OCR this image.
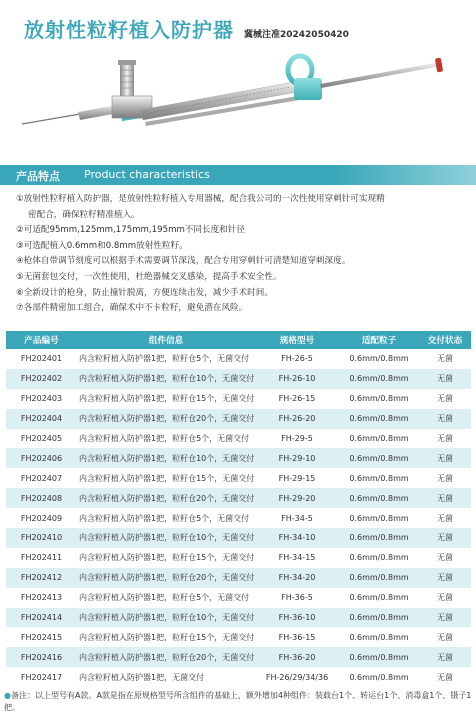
放射性粒籽植入防护器 冀械注准20242050420
产品特点 Product characteristics
①放射性粒籽植入防护器，是放射性粒籽植入专用器械，配合我公司的一次性使用穿刺针可实现精
密配合，确保粒籽精准植入。
②可适配95mm,125mm,175mm,195mm不同长度和针径
③可选配植入0.6mm和0.8mm放射性粒籽。
④枪体自带调节刻度可以根据手术需要调节深浅，配合专用穿刺针可清楚知道穿刺深度。
⑤无菌套包交付，一次性使用，杜绝器械交叉感染，提高手术安全性。
⑥全新设计的枪身，防止撞针脱离，方便连续击发，减少手术时间。
⑦各部件精密加工组合，确保术中不卡粒籽，避免潜在风险。
产品编号	组件信息	规格型号	适配粒子	交付状态
FH202401	内含粒籽植入防护器1把，粒籽仓5个，无菌交付	FH-26-5	0.6mm/0.8mm	无菌
FH202402	内含粒籽植入防护器1把，粒籽仓10个，无菌交付	FH-26-10	0.6mm/0.8mm	无菌
FH202403	内含粒籽植入防护器1把，粒籽仓15个，无菌交付	FH-26-15	0.6mm/0.8mm	无菌
FH202404	内含粒籽植入防护器1把，粒籽仓20个，无菌交付	FH-26-20	0.6mm/0.8mm	无菌
FH202405	内含粒籽植入防护器1把，粒籽仓5个，无菌交付	FH-29-5	0.6mm/0.8mm	无菌
FH202406	内含粒籽植入防护器1把，粒籽仓10个，无菌交付	FH-29-10	0.6mm/0.8mm	无菌
FH202407	内含粒籽植入防护器1把，粒籽仓15个，无菌交付	FH-29-15	0.6mm/0.8mm	无菌
FH202408	内含粒籽植入防护器1把，粒籽仓20个，无菌交付	FH-29-20	0.6mm/0.8mm	无菌
FH202409	内含粒籽植入防护器1把，粒籽仓5个，无菌交付	FH-34-5	0.6mm/0.8mm	无菌
FH202410	内含粒籽植入防护器1把，粒籽仓10个，无菌交付	FH-34-10	0.6mm/0.8mm	无菌
FH202411	内含粒籽植入防护器1把，粒籽仓15个，无菌交付	FH-34-15	0.6mm/0.8mm	无菌
FH202412	内含粒籽植入防护器1把，粒籽仓20个，无菌交付	FH-34-20	0.6mm/0.8mm	无菌
FH202413	内含粒籽植入防护器1把，粒籽仓5个，无菌交付	FH-36-5	0.6mm/0.8mm	无菌
FH202414	内含粒籽植入防护器1把，粒籽仓10个，无菌交付	FH-36-10	0.6mm/0.8mm	无菌
FH202415	内含粒籽植入防护器1把，粒籽仓15个，无菌交付	FH-36-15	0.6mm/0.8mm	无菌
FH202416	内含粒籽植入防护器1把，粒籽仓20个，无菌交付	FH-36-20	0.6mm/0.8mm	无菌
FH202417	内含粒籽植入防护器1把，无菌交付	FH-26/29/34/36	0.6mm/0.8mm	无菌
●备注：以上型号有A款。A款是指在原规格型号所含组件的基础上，额外增加4种组件：装载台1个、转运台1个、消毒盒1个、镊子1把。
